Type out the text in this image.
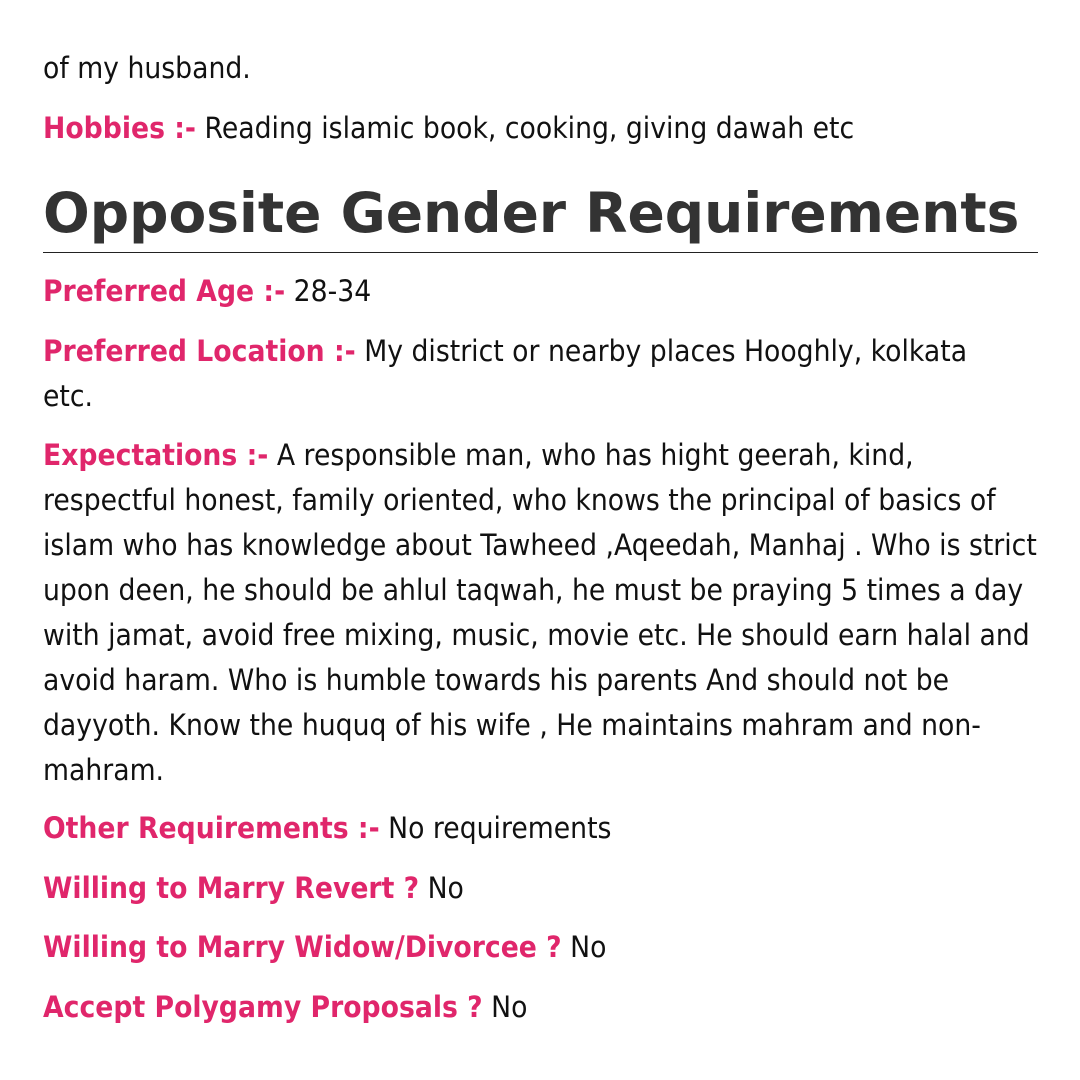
of my husband.
Hobbies :- Reading islamic book, cooking, giving dawah etc
Opposite Gender Requirements
Preferred Age :- 28-34

Preferred Location :- My district or nearby places Hooghly, kolkata etc.

Expectations :- A responsible man, who has hight geerah, kind, respectful honest, family oriented, who knows the principal of basics of islam who has knowledge about Tawheed ,Aqeedah, Manhaj . Who is strict upon deen, he should be ahlul taqwah, he must be praying 5 times a day with jamat, avoid free mixing, music, movie etc. He should earn halal and avoid haram. Who is humble towards his parents And should not be dayyoth. Know the huquq of his wife , He maintains mahram and non-mahram.

Other Requirements :- No requirements
Willing to Marry Revert ? No
Willing to Marry Widow/Divorcee ? No
Accept Polygamy Proposals ? No
